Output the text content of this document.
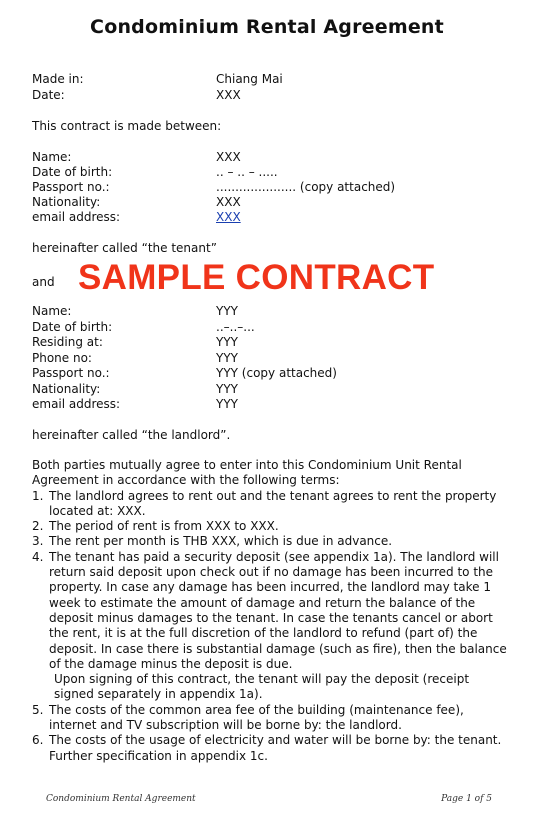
Condominium Rental Agreement
Made in:	Chiang Mai
Date:	XXX
This contract is made between:
Name:	XXX
Date of birth:	.. – .. – .....
Passport no.:	..................... (copy attached)
Nationality:	XXX
email address:	XXX
hereinafter called “the tenant”
and SAMPLE CONTRACT
Name:	YYY
Date of birth:	..–..–...
Residing at:	YYY
Phone no:	YYY
Passport no.:	YYY (copy attached)
Nationality:	YYY
email address:	YYY
hereinafter called “the landlord”.

Both parties mutually agree to enter into this Condominium Unit Rental Agreement in accordance with the following terms:

1. The landlord agrees to rent out and the tenant agrees to rent the property located at: XXX.
2. The period of rent is from XXX to XXX.
3. The rent per month is THB XXX, which is due in advance.
4. The tenant has paid a security deposit (see appendix 1a). The landlord will return said deposit upon check out if no damage has been incurred to the property. In case any damage has been incurred, the landlord may take 1 week to estimate the amount of damage and return the balance of the deposit minus damages to the tenant. In case the tenants cancel or abort the rent, it is at the full discretion of the landlord to refund (part of) the deposit. In case there is substantial damage (such as fire), then the balance of the damage minus the deposit is due.
Upon signing of this contract, the tenant will pay the deposit (receipt signed separately in appendix 1a).
5. The costs of the common area fee of the building (maintenance fee), internet and TV subscription will be borne by: the landlord.
6. The costs of the usage of electricity and water will be borne by: the tenant. Further specification in appendix 1c.
Condominium Rental Agreement	Page 1 of 5
